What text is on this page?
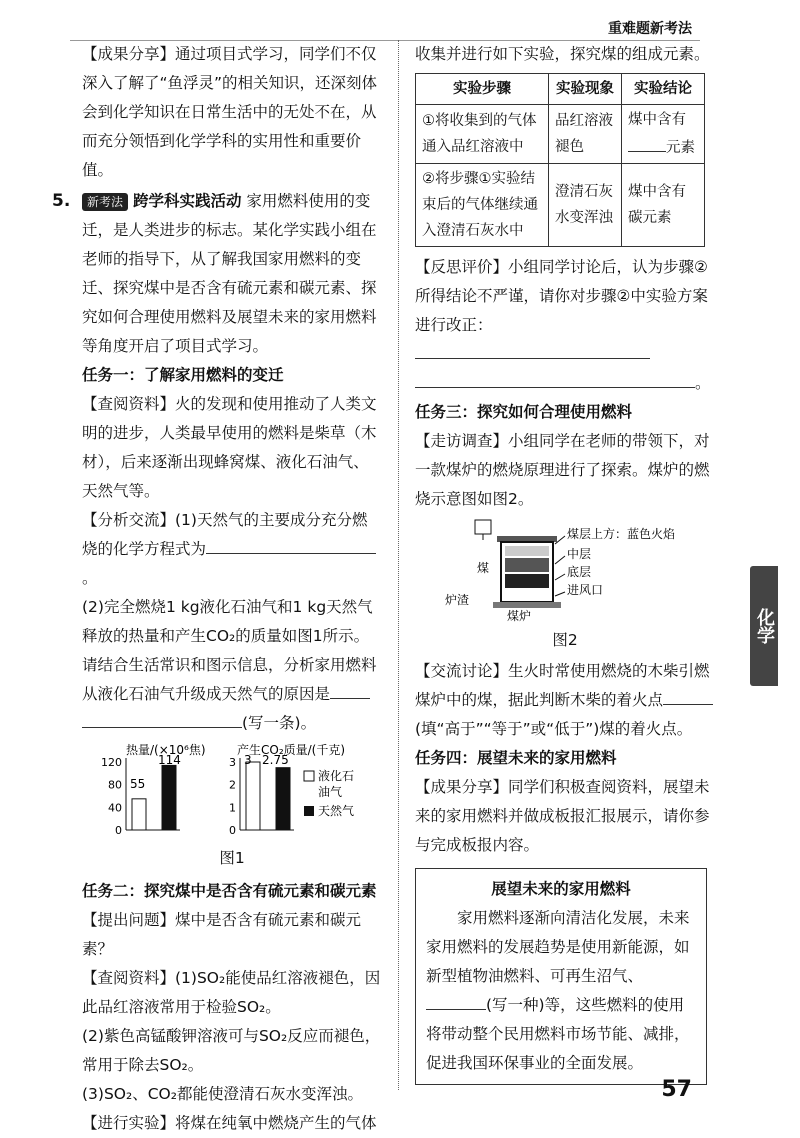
重难题新考法

【成果分享】通过项目式学习，同学们不仅深入了解了“鱼浮灵”的相关知识，还深刻体会到化学知识在日常生活中的无处不在，从而充分领悟到化学学科的实用性和重要价值。

5. 新考法 跨学科实践活动 家用燃料使用的变迁，是人类进步的标志。某化学实践小组在老师的指导下，从了解我国家用燃料的变迁、探究煤中是否含有硫元素和碳元素、探究如何合理使用燃料及展望未来的家用燃料等角度开启了项目式学习。

任务一：了解家用燃料的变迁

【查阅资料】火的发现和使用推动了人类文明的进步，人类最早使用的燃料是柴草（木材），后来逐渐出现蜂窝煤、液化石油气、天然气等。

【分析交流】(1)天然气的主要成分充分燃烧的化学方程式为。

(2)完全燃烧1 kg液化石油气和1 kg天然气释放的热量和产生CO₂的质量如图1所示。请结合生活常识和图示信息，分析家用燃料从液化石油气升级成天然气的原因是
(写一条)。

0
40
80
120
0
1
2
3
热量/(×10⁶焦)	产生CO₂质量/(千克)
55
114	3 2.75
液化石
油气
天然气

图1

任务二：探究煤中是否含有硫元素和碳元素

【提出问题】煤中是否含有硫元素和碳元素？

【查阅资料】(1)SO₂能使品红溶液褪色，因此品红溶液常用于检验SO₂。

(2)紫色高锰酸钾溶液可与SO₂反应而褪色，常用于除去SO₂。

(3)SO₂、CO₂都能使澄清石灰水变浑浊。

【进行实验】将煤在纯氧中燃烧产生的气体

收集并进行如下实验，探究煤的组成元素。

实验步骤	实验现象	实验结论
①将收集到的气体通入品红溶液中	品红溶液褪色	煤中含有
元素
②将步骤①实验结束后的气体继续通入澄清石灰水中	澄清石灰水变浑浊	煤中含有碳元素

【反思评价】小组同学讨论后，认为步骤②所得结论不严谨，请你对步骤②中实验方案进行改正：
。

任务三：探究如何合理使用燃料

【走访调查】小组同学在老师的带领下，对一款煤炉的燃烧原理进行了探索。煤炉的燃烧示意图如图2。

煤层上方：蓝色火焰
中层
底层
进风口
煤
炉渣
煤炉

图2

【交流讨论】生火时常使用燃烧的木柴引燃煤炉中的煤，据此判断木柴的着火点(填“高于”“等于”或“低于”)煤的着火点。

任务四：展望未来的家用燃料

【成果分享】同学们积极查阅资料，展望未来的家用燃料并做成板报汇报展示，请你参与完成板报内容。

展望未来的家用燃料

家用燃料逐渐向清洁化发展，未来家用燃料的发展趋势是使用新能源，如新型植物油燃料、可再生沼气、(写一种)等，这些燃料的使用将带动整个民用燃料市场节能、减排，促进我国环保事业的全面发展。

化学
57
